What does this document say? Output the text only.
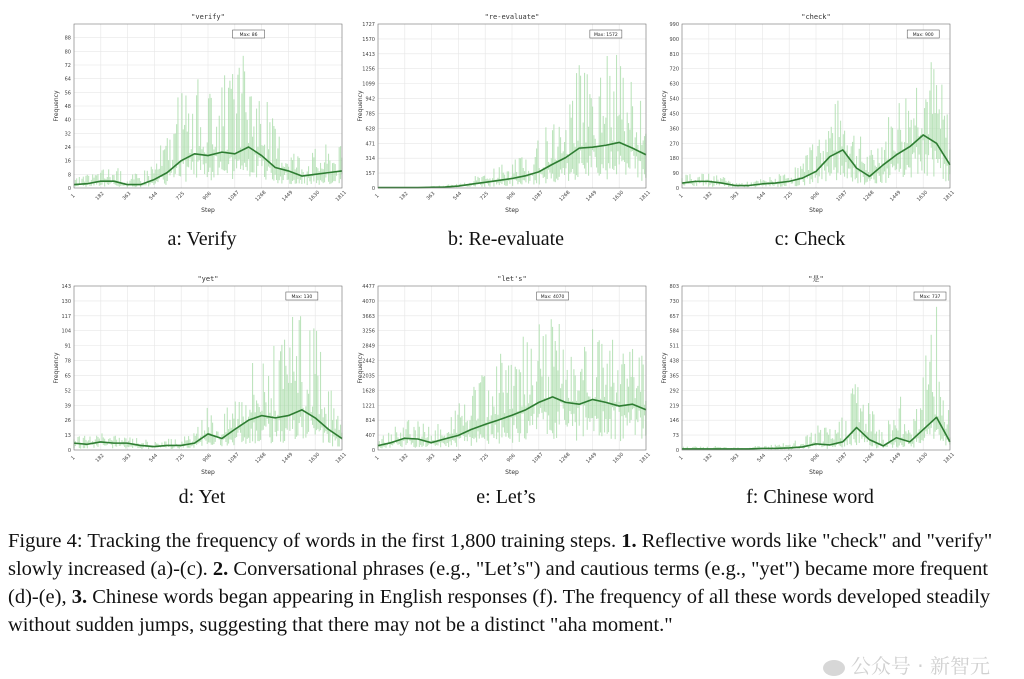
"verify"
0
8
16
24
32
40
48
56
64
72
80
88
1	182	363	544	725	906	1087	1268	1449	1630	1811
Max: 86
Step
Frequency
a: Verify
"re-evaluate"
0
157
314
471
628
785
942
1099
1256
1413
1570
1727
1	182	363	544	725	906	1087	1268	1449	1630	1811
Max: 1572
Step
Frequency
b: Re-evaluate
"check"
0
90
180
270
360
450
540
630
720
810
900
990
1	182	363	544	725	906	1087	1268	1449	1630	1811
Max: 900
Step
Frequency
c: Check
"yet"
0
13
26
39
52
65
78
91
104
117
130
143
1	182	363	544	725	906	1087	1268	1449	1630	1811
Max: 130
Step
Frequency
d: Yet
"let's"
0
407
814
1221
1628
2035
2442
2849
3256
3663
4070
4477
1	182	363	544	725	906	1087	1268	1449	1630	1811
Max: 4070
Step
Frequency
e: Let’s
"是"
0
73
146
219
292
365
438
511
584
657
730
803
1	182	363	544	725	906	1087	1268	1449	1630	1811
Max: 737
Step
Frequency
f: Chinese word
Figure 4: Tracking the frequency of words in the first 1,800 training steps. 1. Reflective words like "check" and "verify" slowly increased (a)-(c). 2. Conversational phrases (e.g., "Let’s") and cautious terms (e.g., "yet") became more frequent (d)-(e), 3. Chinese words began appearing in English responses (f). The frequency of all these words developed steadily without sudden jumps, suggesting that there may not be a distinct "aha moment."
公众号 · 新智元
